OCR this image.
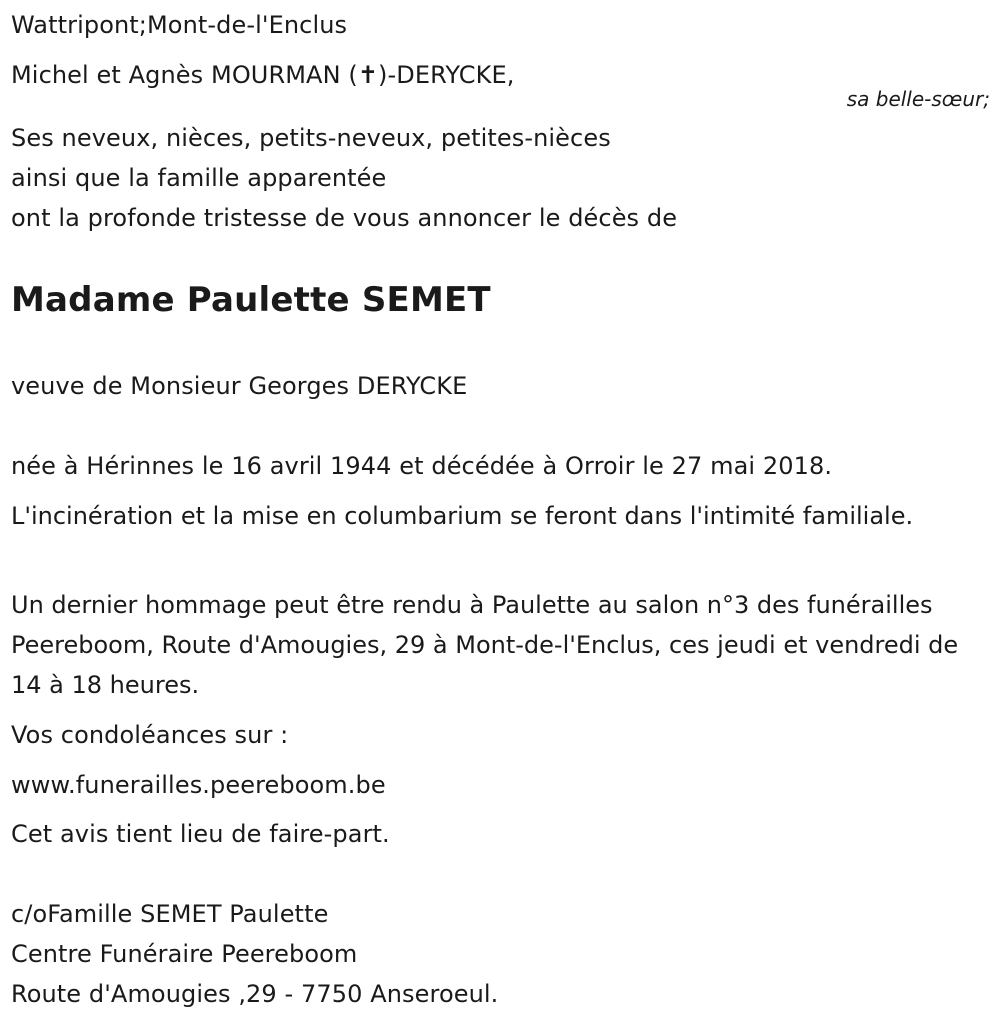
Wattripont;Mont-de-l'Enclus
Michel et Agnès MOURMAN (✝)-DERYCKE,
sa belle-sœur;
Ses neveux, nièces, petits-neveux, petites-nièces
ainsi que la famille apparentée
ont la profonde tristesse de vous annoncer le décès de
Madame Paulette SEMET
veuve de Monsieur Georges DERYCKE
née à Hérinnes le 16 avril 1944 et décédée à Orroir le 27 mai 2018.
L'incinération et la mise en columbarium se feront dans l'intimité familiale.
Un dernier hommage peut être rendu à Paulette au salon n°3 des funérailles Peereboom, Route d'Amougies, 29 à Mont-de-l'Enclus, ces jeudi et vendredi de 14 à 18 heures.
Vos condoléances sur :
www.funerailles.peereboom.be
Cet avis tient lieu de faire-part.
c/oFamille SEMET Paulette
Centre Funéraire Peereboom
Route d'Amougies ,29 - 7750 Anseroeul.
